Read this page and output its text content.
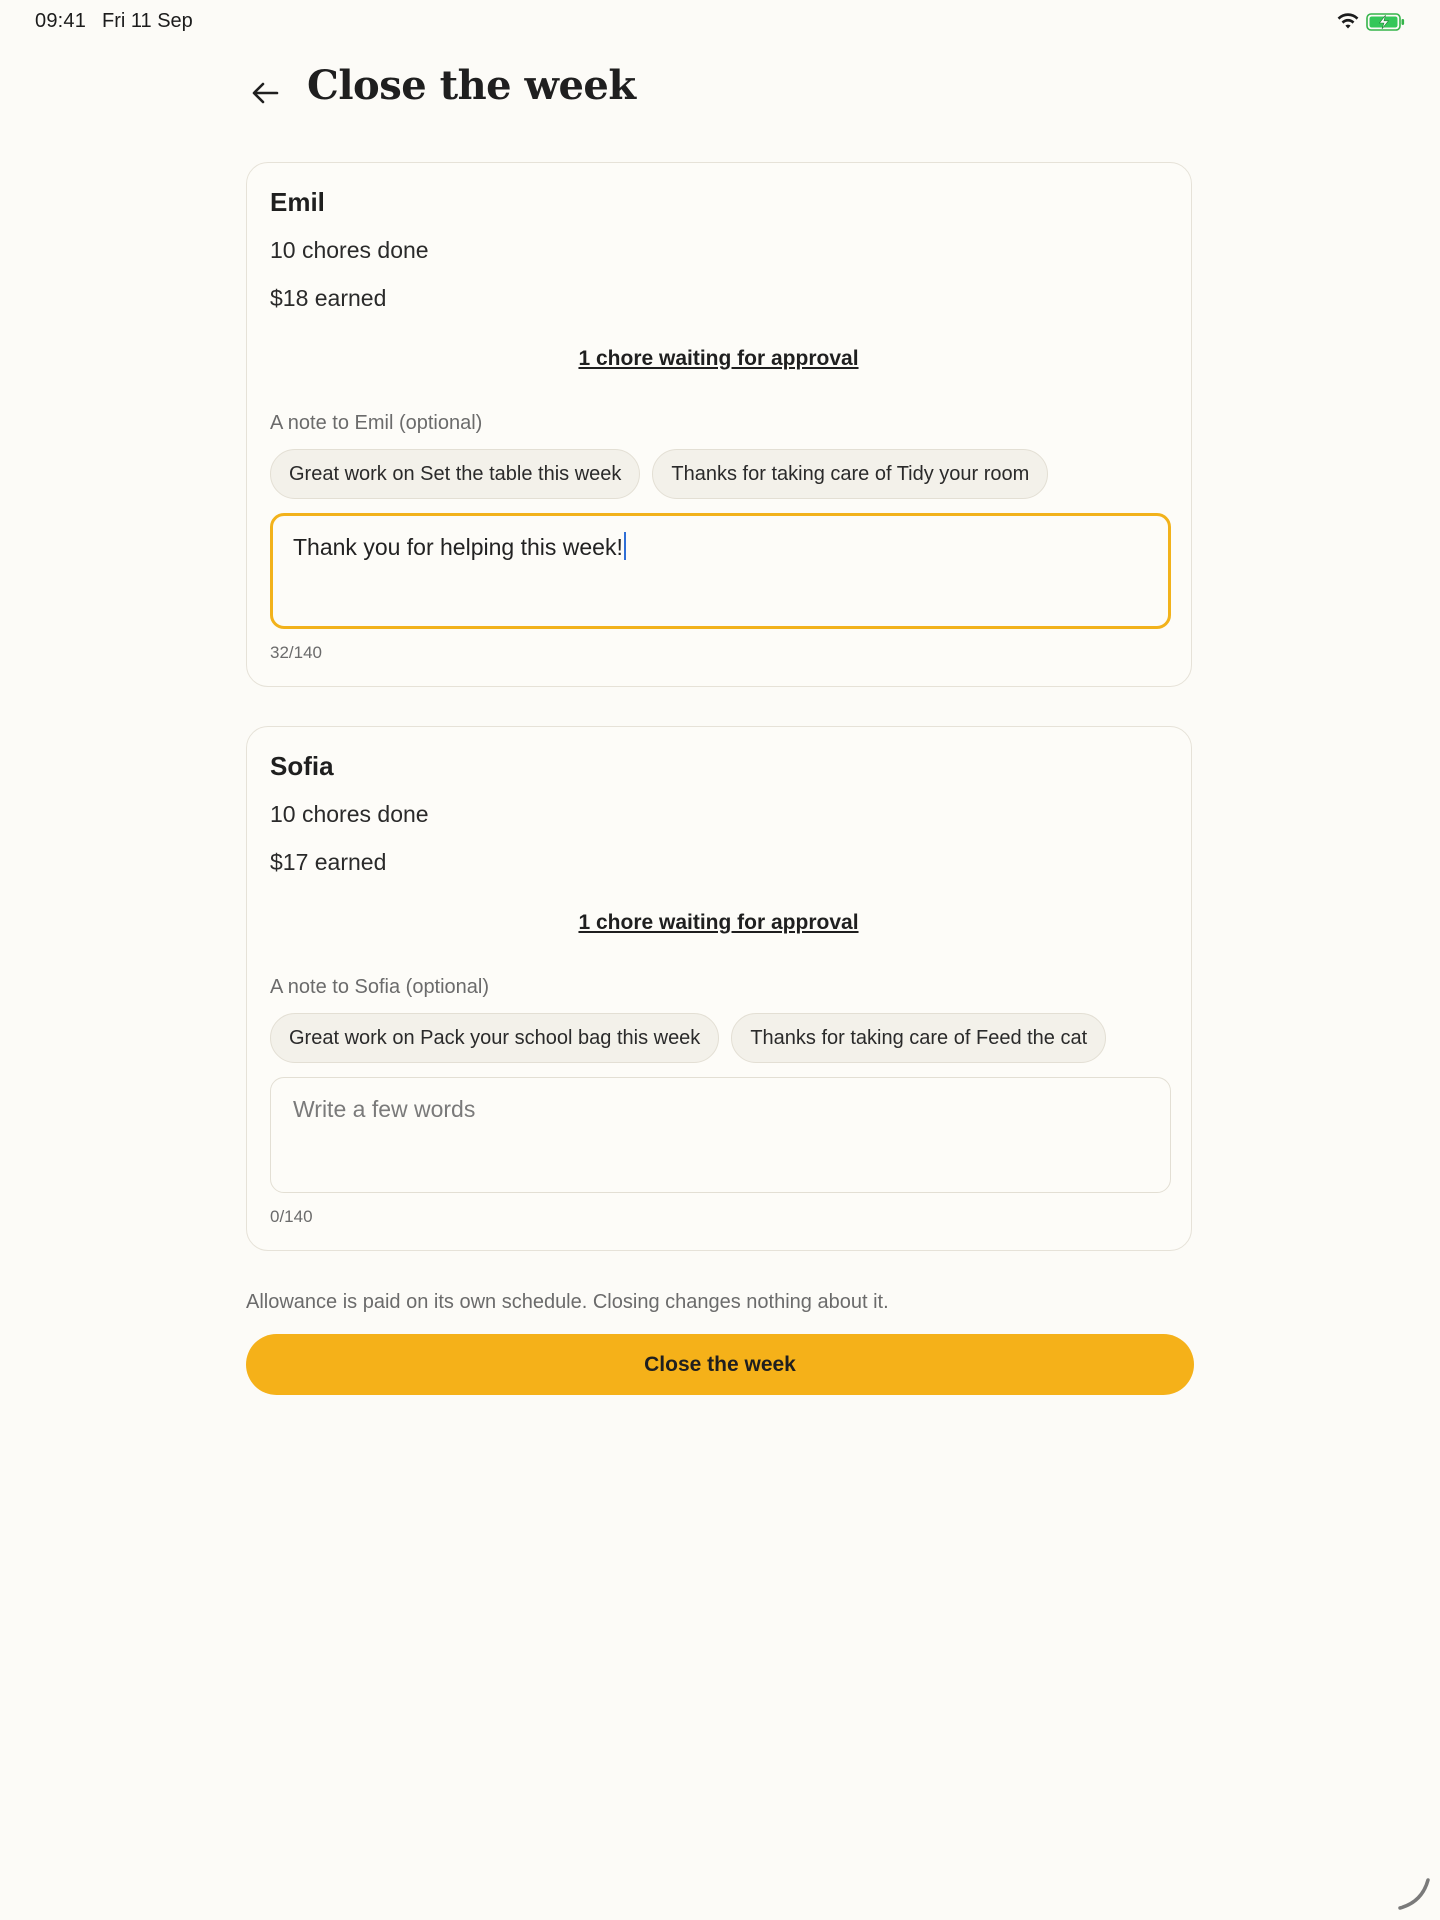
09:41 Fri 11 Sep
Close the week
Emil
10 chores done
$18 earned
1 chore waiting for approval
A note to Emil (optional)
Great work on Set the table this week	Thanks for taking care of Tidy your room
Thank you for helping this week!
32/140
Sofia
10 chores done
$17 earned
1 chore waiting for approval
A note to Sofia (optional)
Great work on Pack your school bag this week	Thanks for taking care of Feed the cat
Write a few words
0/140
Allowance is paid on its own schedule. Closing changes nothing about it.
Close the week
